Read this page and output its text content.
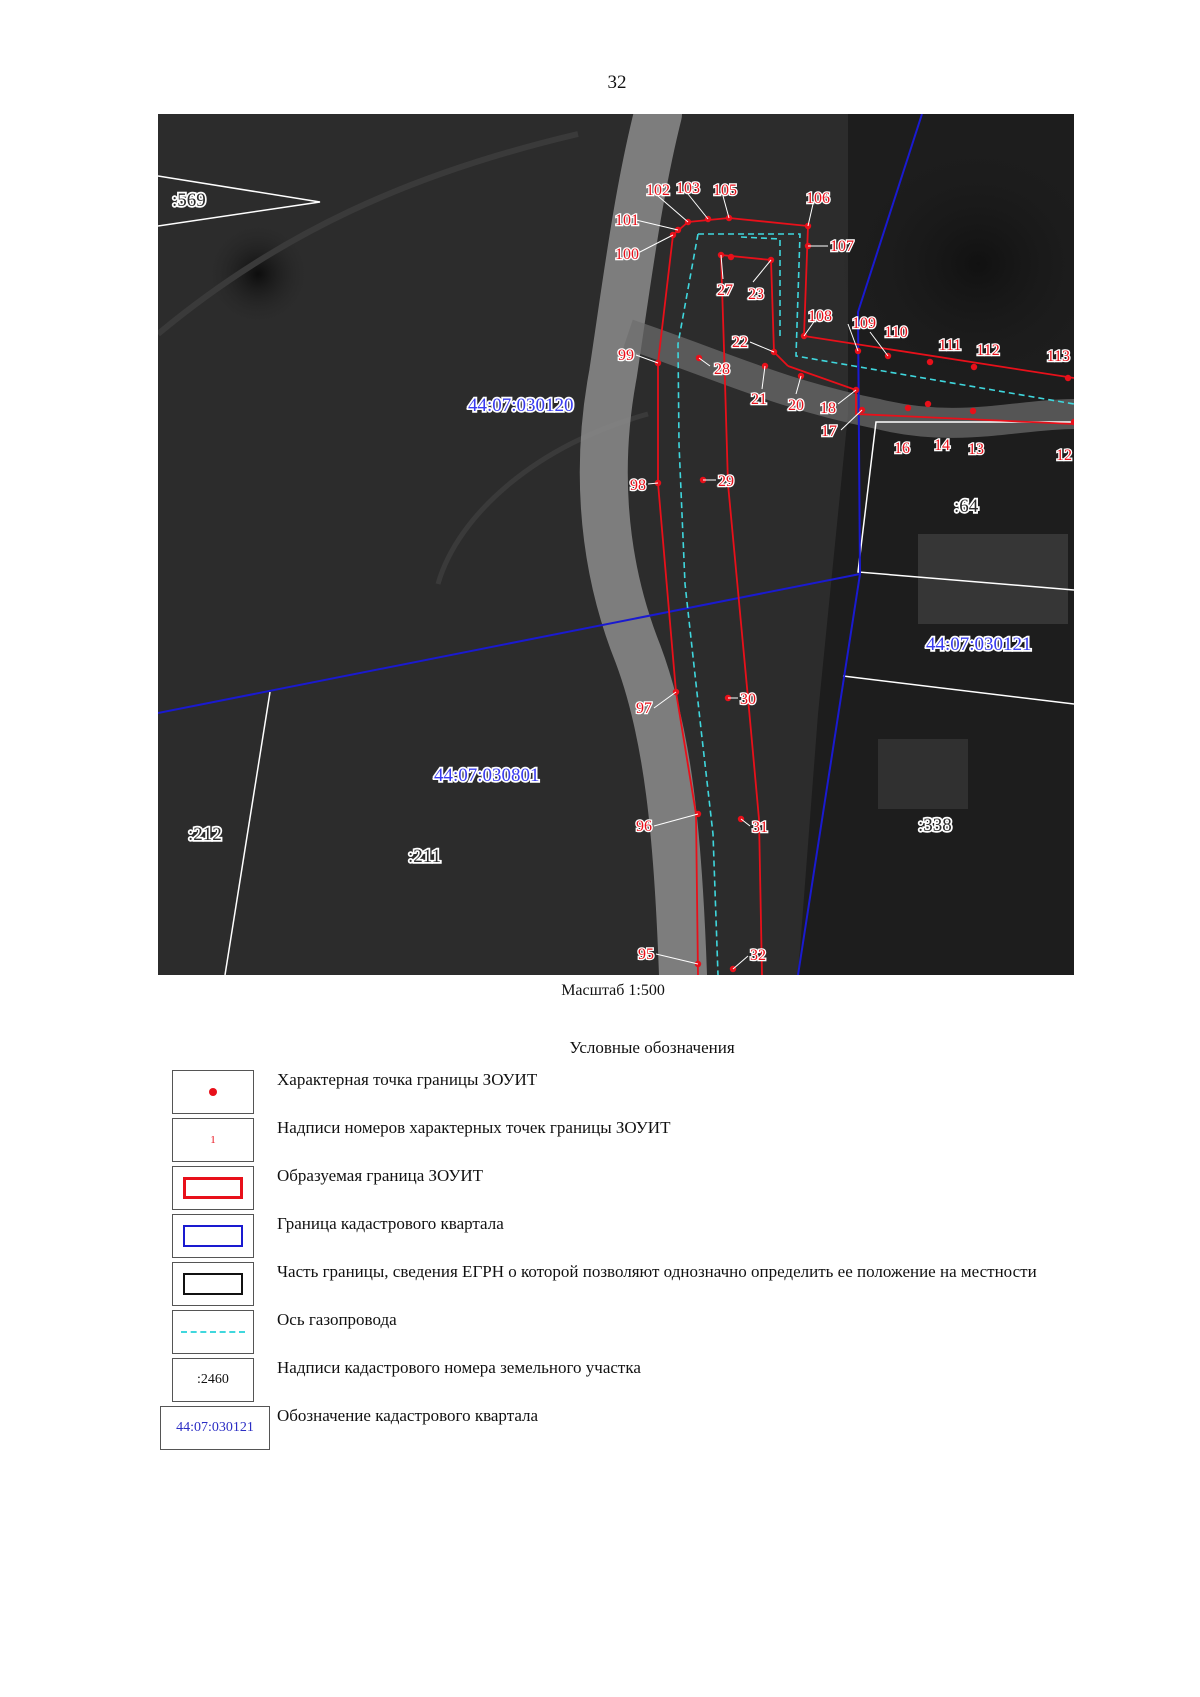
32
100
101
102 103 105	106
107
27 23
108 109
110
111 112	113
99
22
28
21 20 18
17
16 14 13	12
98	29
97
30
96	31
95	32
44:07:030120
44:07:030121
44:07:030801
:569
:64
:212
:211
:338
Масштаб 1:500
Условные обозначения
Характерная точка границы ЗОУИТ
1
Надписи номеров характерных точек границы ЗОУИТ
Образуемая граница ЗОУИТ
Граница кадастрового квартала
Часть границы, сведения ЕГРН о которой позволяют однозначно определить ее положение на местности
Ось газопровода
:2460
Надписи кадастрового номера земельного участка
44:07:030121
Обозначение кадастрового квартала
